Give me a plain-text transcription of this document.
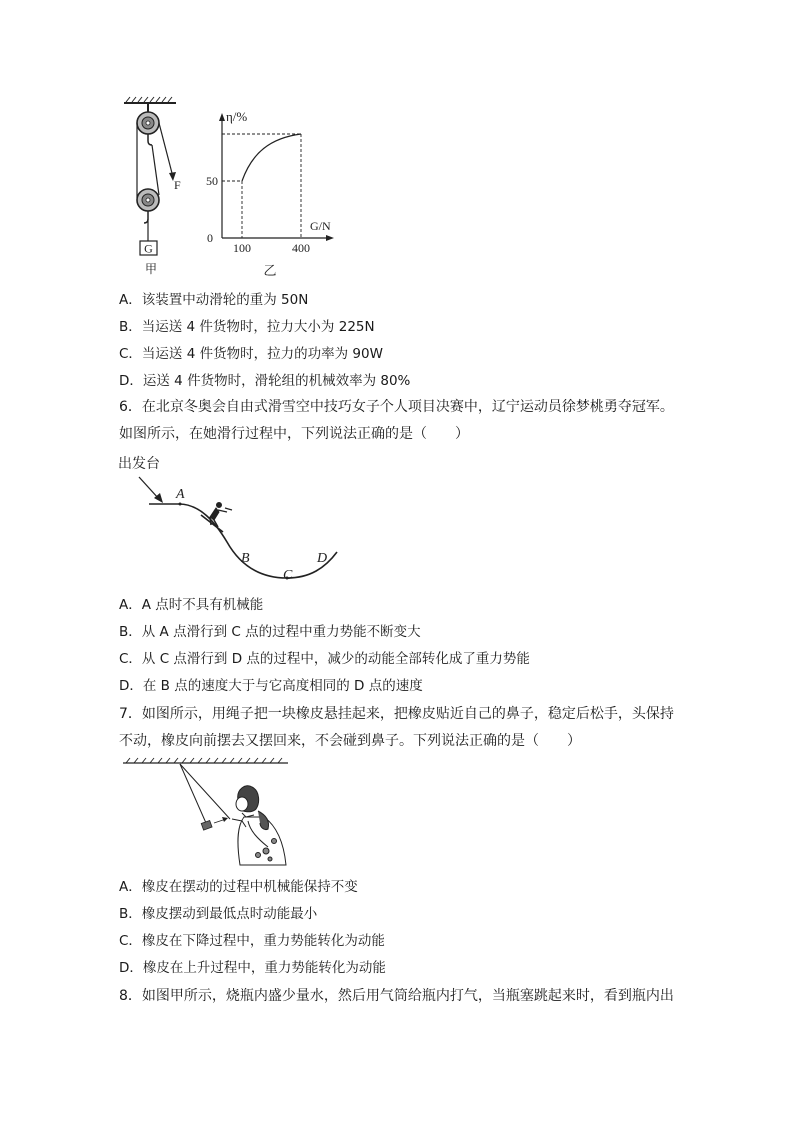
G
F
甲
η/%
G/N
0
50
100	400
乙
A．该装置中动滑轮的重为 50N
B．当运送 4 件货物时，拉力大小为 225N
C．当运送 4 件货物时，拉力的功率为 90W
D．运送 4 件货物时，滑轮组的机械效率为 80%
6．在北京冬奥会自由式滑雪空中技巧女子个人项目决赛中，辽宁运动员徐梦桃勇夺冠军。
如图所示，在她滑行过程中，下列说法正确的是（　　）
出发台
A
B
C
D
A．A 点时不具有机械能
B．从 A 点滑行到 C 点的过程中重力势能不断变大
C．从 C 点滑行到 D 点的过程中，减少的动能全部转化成了重力势能
D．在 B 点的速度大于与它高度相同的 D 点的速度
7．如图所示，用绳子把一块橡皮悬挂起来，把橡皮贴近自己的鼻子，稳定后松手，头保持
不动，橡皮向前摆去又摆回来，不会碰到鼻子。下列说法正确的是（　　）
A．橡皮在摆动的过程中机械能保持不变
B．橡皮摆动到最低点时动能最小
C．橡皮在下降过程中，重力势能转化为动能
D．橡皮在上升过程中，重力势能转化为动能
8．如图甲所示，烧瓶内盛少量水，然后用气筒给瓶内打气，当瓶塞跳起来时，看到瓶内出
